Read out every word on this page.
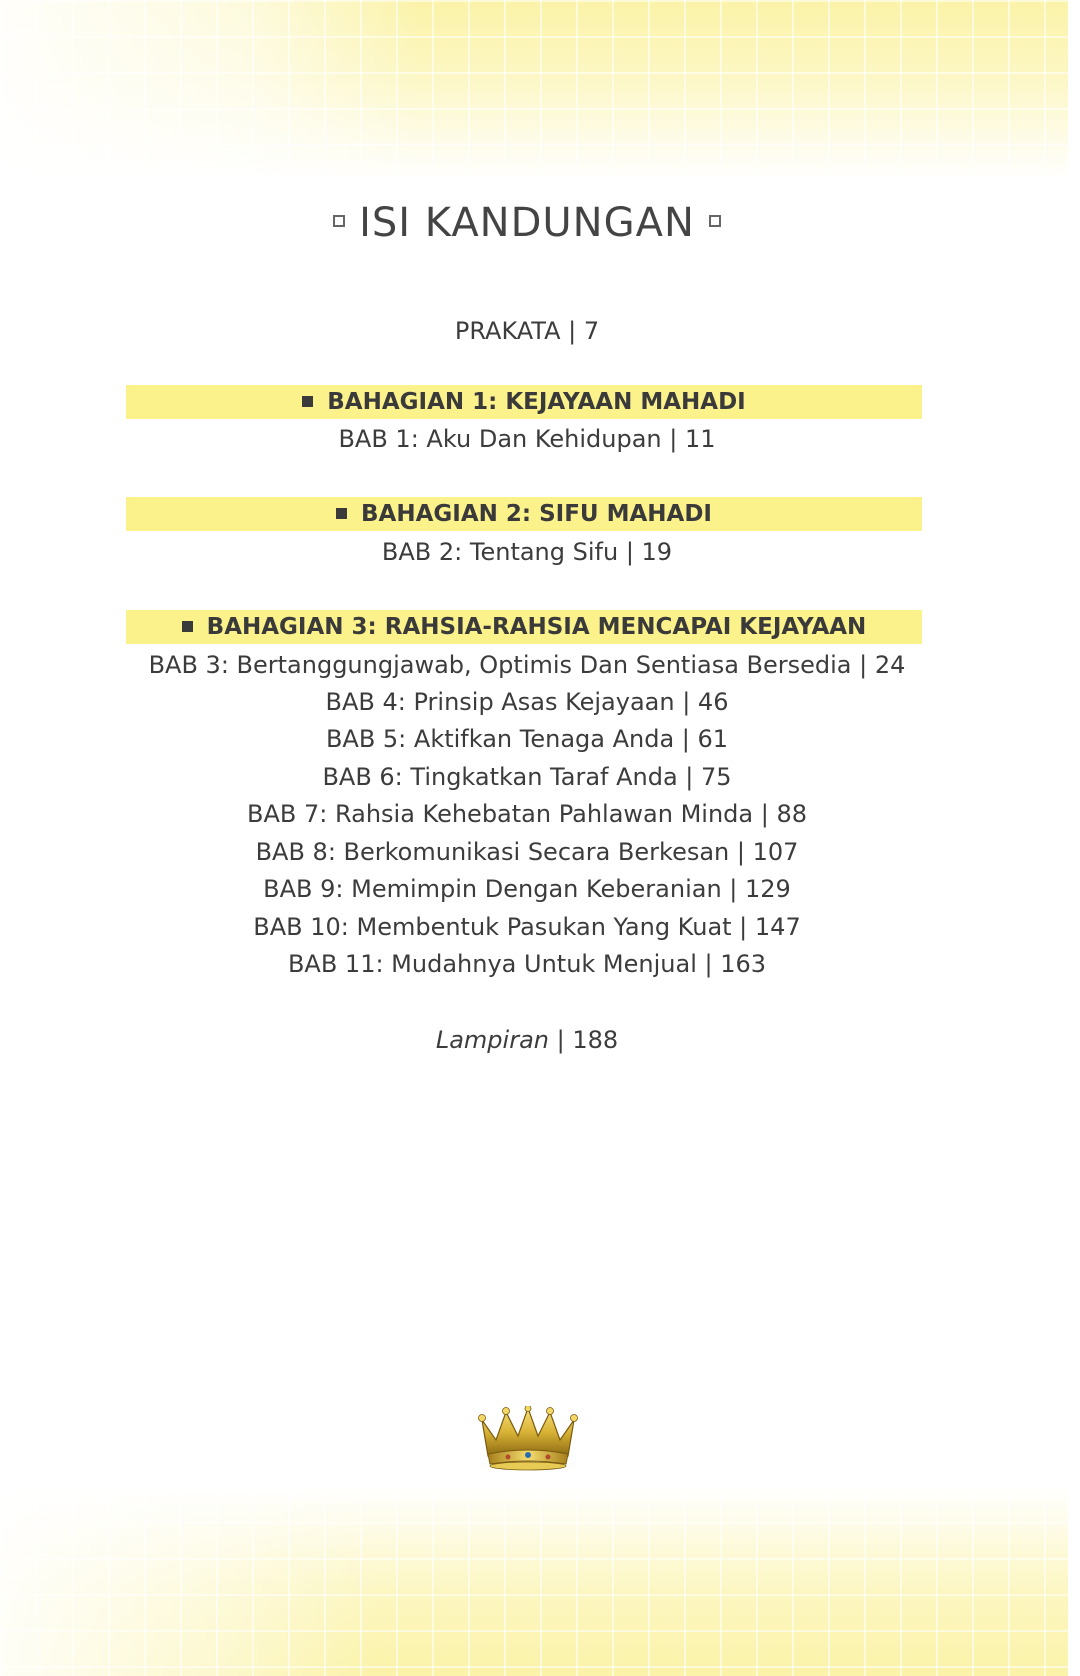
ISI KANDUNGAN
PRAKATA | 7
BAHAGIAN 1: KEJAYAAN MAHADI
BAB 1: Aku Dan Kehidupan | 11
BAHAGIAN 2: SIFU MAHADI
BAB 2: Tentang Sifu | 19
BAHAGIAN 3: RAHSIA-RAHSIA MENCAPAI KEJAYAAN
BAB 3: Bertanggungjawab, Optimis Dan Sentiasa Bersedia | 24
BAB 4: Prinsip Asas Kejayaan | 46
BAB 5: Aktifkan Tenaga Anda | 61
BAB 6: Tingkatkan Taraf Anda | 75
BAB 7: Rahsia Kehebatan Pahlawan Minda | 88
BAB 8: Berkomunikasi Secara Berkesan | 107
BAB 9: Memimpin Dengan Keberanian | 129
BAB 10: Membentuk Pasukan Yang Kuat | 147
BAB 11: Mudahnya Untuk Menjual | 163
Lampiran | 188
